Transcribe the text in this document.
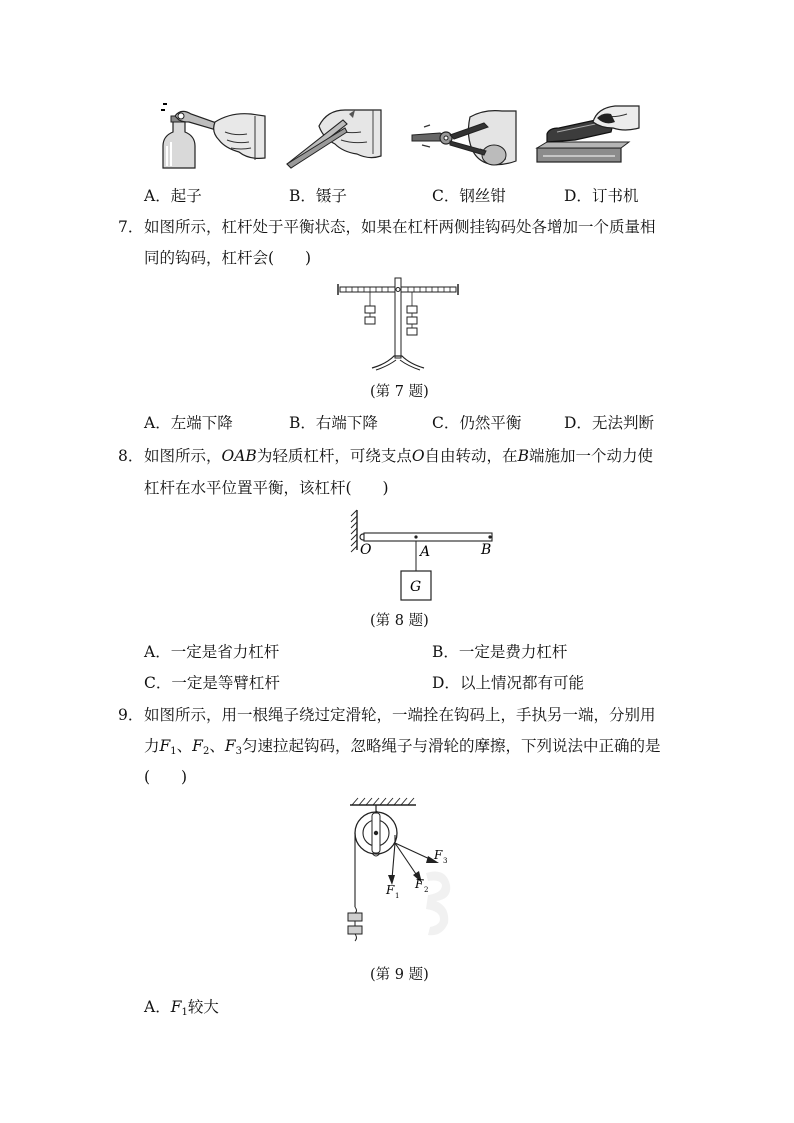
A．起子	B．镊子	C．钢丝钳	D．订书机
7． 如图所示，杠杆处于平衡状态，如果在杠杆两侧挂钩码处各增加一个质量相
同的钩码，杠杆会(　　)
(第 7 题)
A．左端下降	B．右端下降	C．仍然平衡	D．无法判断
8． 如图所示，OAB为轻质杠杆，可绕支点O自由转动，在B端施加一个动力使
杠杆在水平位置平衡，该杠杆(　　)
O	A	B
G
(第 8 题)
A．一定是省力杠杆	B．一定是费力杠杆
C．一定是等臂杠杆	D．以上情况都有可能
9． 如图所示，用一根绳子绕过定滑轮，一端拴在钩码上，手执另一端，分别用
力$F_1$、$F_2$、$F_3$匀速拉起钩码，忽略绳子与滑轮的摩擦，下列说法中正确的是
(　　)
F 1
F 2
F 3
(第 9 题)
A．$F_1$较大
